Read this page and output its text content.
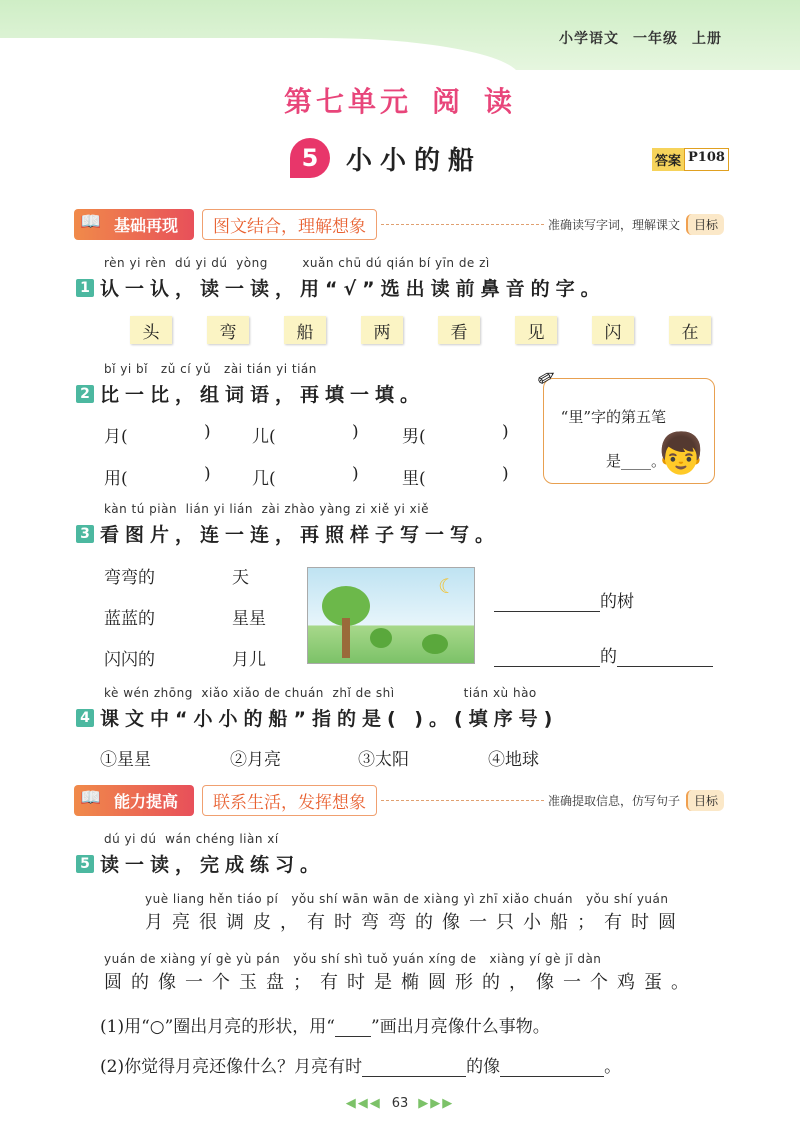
小学语文 一年级 上册
第七单元 阅 读
5	小小的船	答案 P108
📖 基础再现	图文结合，理解想象	准确读写字词，理解课文	目标
rèn yi rèn  dú yi dú  yòng        xuǎn chū dú qián bí yīn de zì
1 认一认，读一读，用“√”选出读前鼻音的字。
头	弯	船	两	看	见	闪	在
bǐ yi bǐ   zǔ cí yǔ   zài tián yi tián
2 比一比，组词语，再填一填。
月(	) 儿(	)	男(	)
用(	) 几(	)	里(	)
“里”字的第五笔是____。
👦
✏
kàn tú piàn  lián yi lián  zài zhào yàng zi xiě yi xiě
3 看图片，连一连，再照样子写一写。
弯弯的
蓝蓝的
闪闪的
天
星星
月儿
☾
的树
的
kè wén zhōng  xiǎo xiǎo de chuán  zhǐ de shì                tián xù hào
4 课文中“小小的船”指的是( )。(填序号)
①星星	②月亮	③太阳	④地球
📖 能力提高	联系生活，发挥想象	准确提取信息，仿写句子	目标
dú yi dú  wán chéng liàn xí
5 读一读，完成练习。
yuè liang hěn tiáo pí   yǒu shí wān wān de xiàng yì zhī xiǎo chuán   yǒu shí yuán
月亮很调皮，有时弯弯的像一只小船；有时圆
yuán de xiàng yí gè yù pán   yǒu shí shì tuǒ yuán xíng de   xiàng yí gè jī dàn
圆的像一个玉盘；有时是椭圆形的，像一个鸡蛋。
(1)用“○”圈出月亮的形状，用“ ”画出月亮像什么事物。
(2)你觉得月亮还像什么？月亮有时	的像	。
◀◀◀ 63 ▶▶▶
